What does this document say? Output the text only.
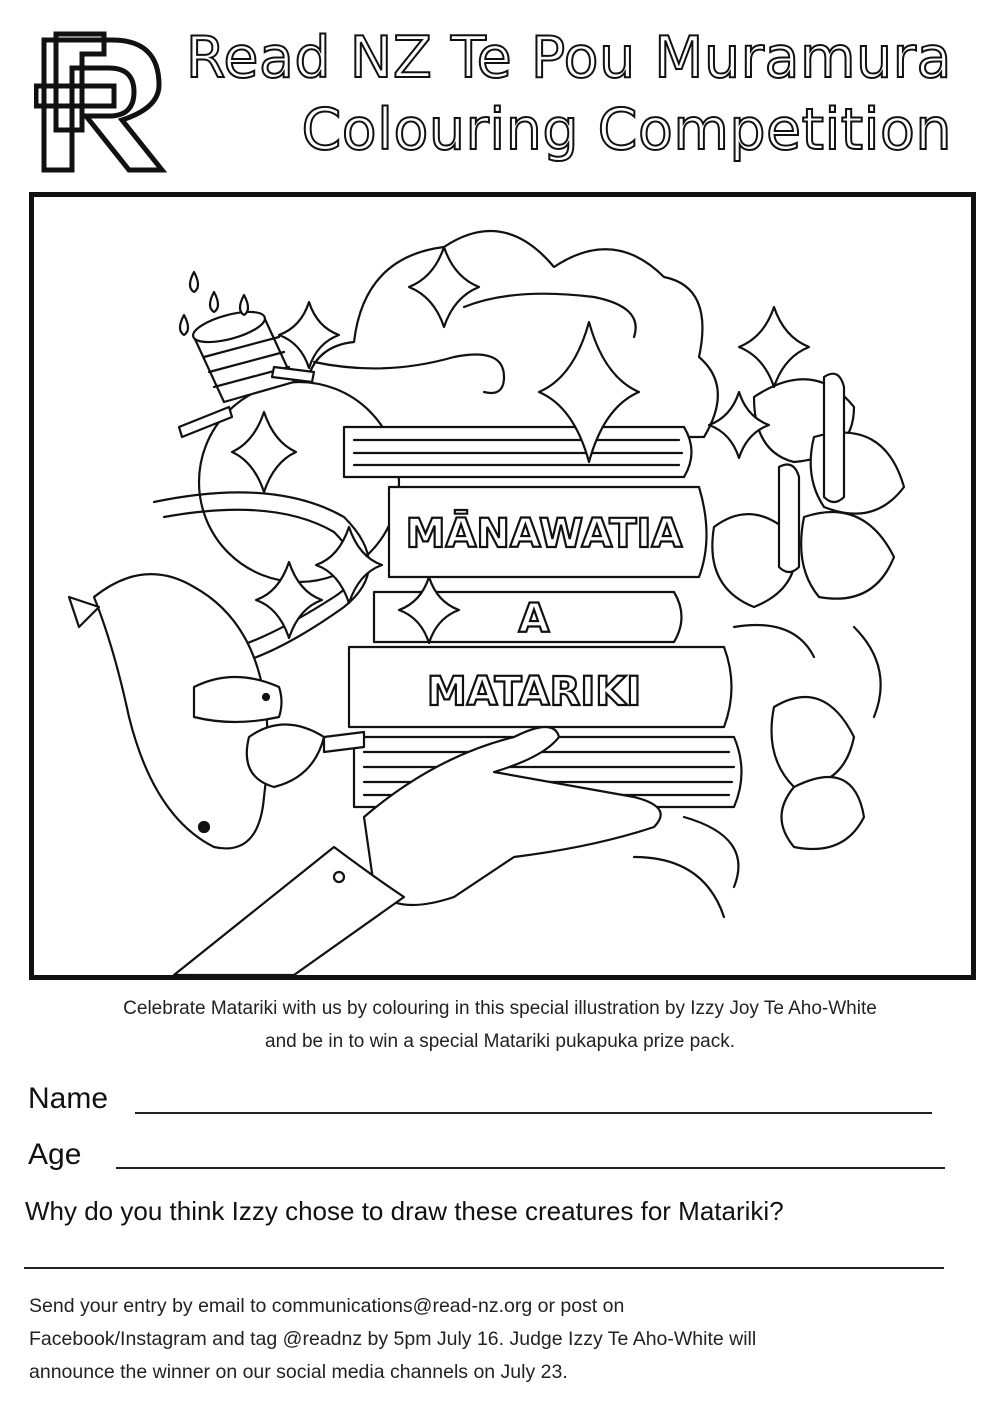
Read NZ Te Pou Muramura
Colouring Competition
MĀNAWATIA
A
MATARIKI
Celebrate Matariki with us by colouring in this special illustration by Izzy Joy Te Aho-White
and be in to win a special Matariki pukapuka prize pack.
Name
Age
Why do you think Izzy chose to draw these creatures for Matariki?
Send your entry by email to communications@read-nz.org or post on
Facebook/Instagram and tag @readnz by 5pm July 16. Judge Izzy Te Aho-White will
announce the winner on our social media channels on July 23.
